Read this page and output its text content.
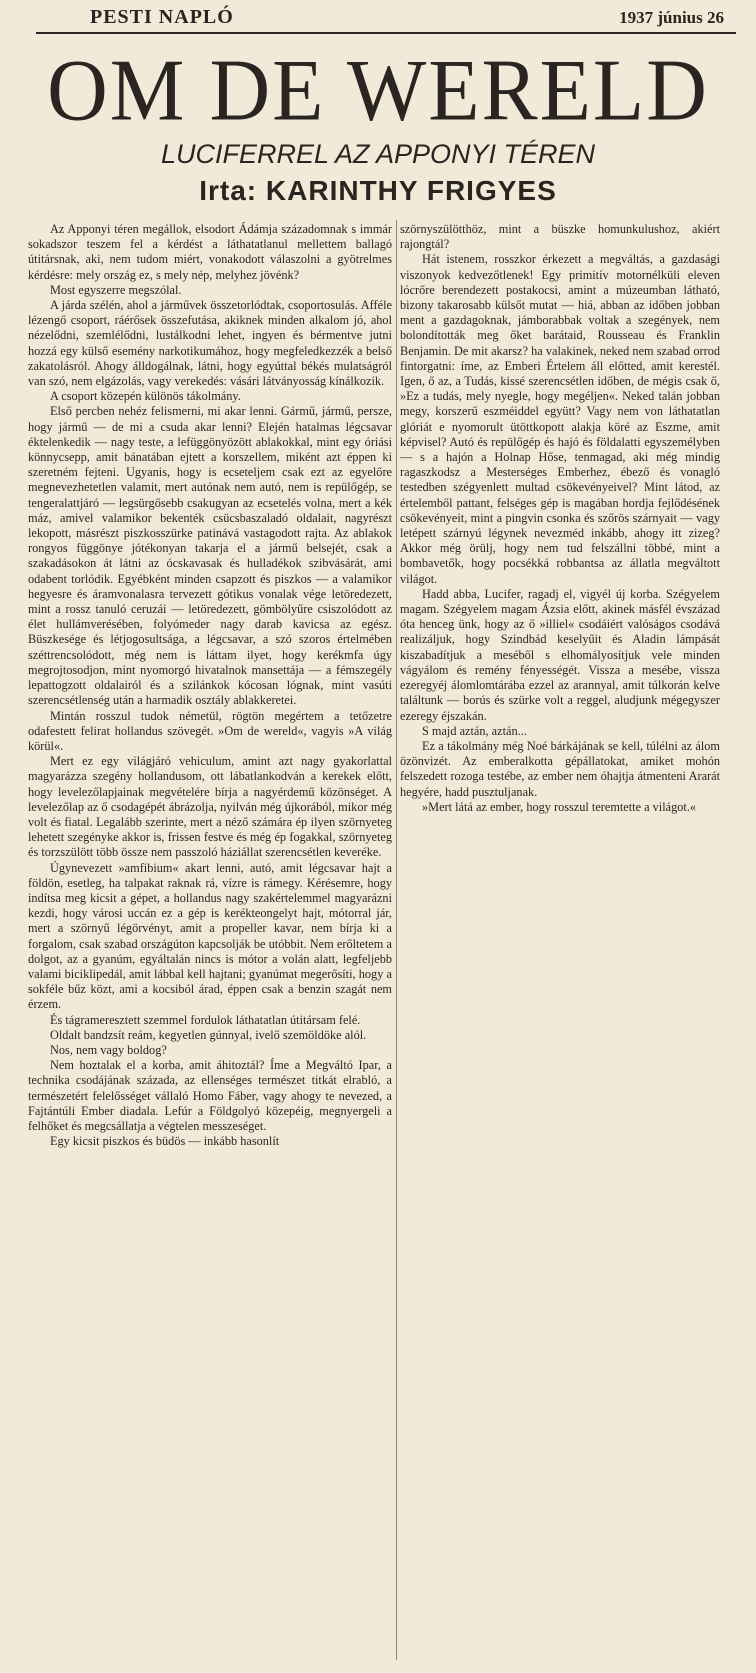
PESTI NAPLÓ	1937 június 26
OM DE WERELD
LUCIFERREL AZ APPONYI TÉREN
Irta: KARINTHY FRIGYES

Az Apponyi téren megállok, elsodort Ádámja századomnak s immár sokadszor teszem fel a kérdést a láthatatlanul mellettem ballagó útitársnak, aki, nem tudom miért, vonakodott válaszolni a gyötrelmes kérdésre: mely ország ez, s mely nép, melyhez jövénk?

Most egyszerre megszólal.

A járda szélén, ahol a járművek összetorlódtak, csoportosulás. Afféle lézengő csoport, ráérősek összefutása, akiknek minden alkalom jó, ahol nézelődni, szemlélődni, lustálkodni lehet, ingyen és bérmentve jutni hozzá egy külső esemény narkotikumához, hogy megfeledkezzék a belső zakatolásról. Ahogy álldogálnak, látni, hogy egyúttal békés mulatságról van szó, nem elgázolás, vagy verekedés: vásári látványosság kínálkozik.

A csoport közepén különös tákolmány.

Első percben nehéz felismerni, mi akar lenni. Gármű, jármű, persze, hogy jármű — de mi a csuda akar lenni? Elején hatalmas légcsavar éktelenkedik — nagy teste, a lefüggönyözött ablakokkal, mint egy óriási könnycsepp, amit bánatában ejtett a korszellem, miként azt éppen ki szeretném fejteni. Ugyanis, hogy is ecseteljem csak ezt az egyelőre megnevezhetetlen valamit, mert autónak nem autó, nem is repülőgép, se tengeralattjáró — legsürgősebb csakugyan az ecsetelés volna, mert a kék máz, amivel valamikor bekenték csücsbaszaladó oldalait, nagyrészt lekopott, másrészt piszkosszürke patinává vastagodott rajta. Az ablakok rongyos függönye jótékonyan takarja el a jármű belsejét, csak a szakadásokon át látni az ócskavasak és hulladékok szibvásárát, ami odabent torlódik. Egyébként minden csapzott és piszkos — a valamikor hegyesre és áramvonalasra tervezett gótikus vonalak vége letöredezett, mint a rossz tanuló ceruzái — letöredezett, gömbölyűre csiszolódott az élet hullámverésében, folyómeder nagy darab kavicsa az egész. Büszkesége és létjogosultsága, a légcsavar, a szó szoros értelmében széttrencsolódott, még nem is láttam ilyet, hogy kerékmfa úgy megrojtosodjon, mint nyomorgó hivatalnok mansettája — a fémszegély lepattogzott oldalairól és a szilánkok kócosan lógnak, mint vasúti szerencsétlenség után a harmadik osztály ablakkeretei.

Mintán rosszul tudok németül, rögtön megértem a tetőzetre odafestett felirat hollandus szövegét. »Om de wereld«, vagyis »A világ körül«.

Mert ez egy világjáró vehiculum, amint azt nagy gyakorlattal magyarázza szegény hollandusom, ott lábatlankodván a kerekek előtt, hogy levelezőlapjainak megvételére bírja a nagyérdemű közönséget. A levelezőlap az ő csodagépét ábrázolja, nyilván még újkorából, mikor még volt és fiatal. Legalább szerinte, mert a néző számára ép ilyen szörnyeteg lehetett szegényke akkor is, frissen festve és még ép fogakkal, szörnyeteg és torzszülött több össze nem passzoló háziállat szerencsétlen keveréke.

Úgynevezett »amfibium« akart lenni, autó, amit légcsavar hajt a földön, esetleg, ha talpakat raknak rá, vízre is rámegy. Kérésemre, hogy indítsa meg kicsit a gépet, a hollandus nagy szakértelemmel magyarázni kezdi, hogy városi uccán ez a gép is kerékteongelyt hajt, mótorral jár, mert a szörnyű légörvényt, amit a propeller kavar, nem bírja ki a forgalom, csak szabad országúton kapcsolják be utóbbit. Nem erőltetem a dolgot, az a gyanúm, egyáltalán nincs is mótor a volán alatt, legfeljebb valami biciklipedál, amit lábbal kell hajtani; gyanúmat megerősíti, hogy a sokféle bűz közt, ami a kocsiból árad, éppen csak a benzin szagát nem érzem.

És tágrameresztett szemmel fordulok láthatatlan útitársam felé.

Oldalt bandzsít reám, kegyetlen gúnnyal, ivelő szemöldöke alól.

Nos, nem vagy boldog?

Nem hoztalak el a korba, amit áhitoztál? Íme a Megváltó Ipar, a technika csodájának százada, az ellenséges természet titkát elrabló, a természetért felelősséget vállaló Homo Fáber, vagy ahogy te nevezed, a Fajtántúli Ember diadala. Lefúr a Földgolyó közepéig, megnyergeli a felhőket és megcsállatja a végtelen messzeséget.

Egy kicsit piszkos és büdös — inkább hasonlít

szörnyszülötthöz, mint a büszke homunkulushoz, akiért rajongtál?

Hát istenem, rosszkor érkezett a megváltás, a gazdasági viszonyok kedvezőtlenek! Egy primitív motornélküli eleven lócrőre berendezett postakocsi, amint a múzeumban látható, bizony takarosabb külsőt mutat — hiá, abban az időben jobban ment a gazdagoknak, jámborabbak voltak a szegények, nem bolondították meg őket barátaid, Rousseau és Franklin Benjamin. De mit akarsz? ha valakinek, neked nem szabad orrod fintorgatni: íme, az Emberi Értelem áll előtted, amit kerestél. Igen, ő az, a Tudás, kissé szerencsétlen időben, de mégis csak ő, »Ez a tudás, mely nyegle, hogy megéljen«. Neked talán jobban megy, korszerű eszméiddel együtt? Vagy nem von láthatatlan glóriát e nyomorult ütöttkopott alakja köré az Eszme, amit képvisel? Autó és repülőgép és hajó és földalatti egyszemélyben — s a hajón a Holnap Hőse, tenmagad, aki még mindig ragaszkodsz a Mesterséges Emberhez, ébező és vonagló testedben szégyenlett multad csökevényeivel? Mint látod, az értelemből pattant, felséges gép is magában hordja fejlődésének csökevényeit, mint a pingvin csonka és szőrös szárnyait — vagy letépett szárnyú légynek nevezméd inkább, ahogy itt zizeg? Akkor még örülj, hogy nem tud felszállni többé, mint a bombavetők, hogy pocsékká robbantsa az állatla megváltott világot.

Hadd abba, Lucifer, ragadj el, vigyél új korba. Szégyelem magam. Szégyelem magam Ázsia előtt, akinek másfél évszázad óta henceg ünk, hogy az ő »illiel« csodáiért valóságos csodává realizáljuk, hogy Szindbád keselyűit és Aladin lámpását kiszabadítjuk a meséből s elhomályosítjuk vele minden vágyálom és remény fényességét. Vissza a mesébe, vissza ezeregyéj álomlomtárába ezzel az arannyal, amit túlkorán kelve találtunk — borús és szürke volt a reggel, aludjunk mégegyszer ezeregy éjszakán.

S majd aztán, aztán...

Ez a tákolmány még Noé bárkájának se kell, túlélni az álom özönvizét. Az emberalkotta gépállatokat, amiket mohón felszedett rozoga testébe, az ember nem óhajtja átmenteni Ararát hegyére, hadd pusztuljanak.

»Mert látá az ember, hogy rosszul teremtette a világot.«
